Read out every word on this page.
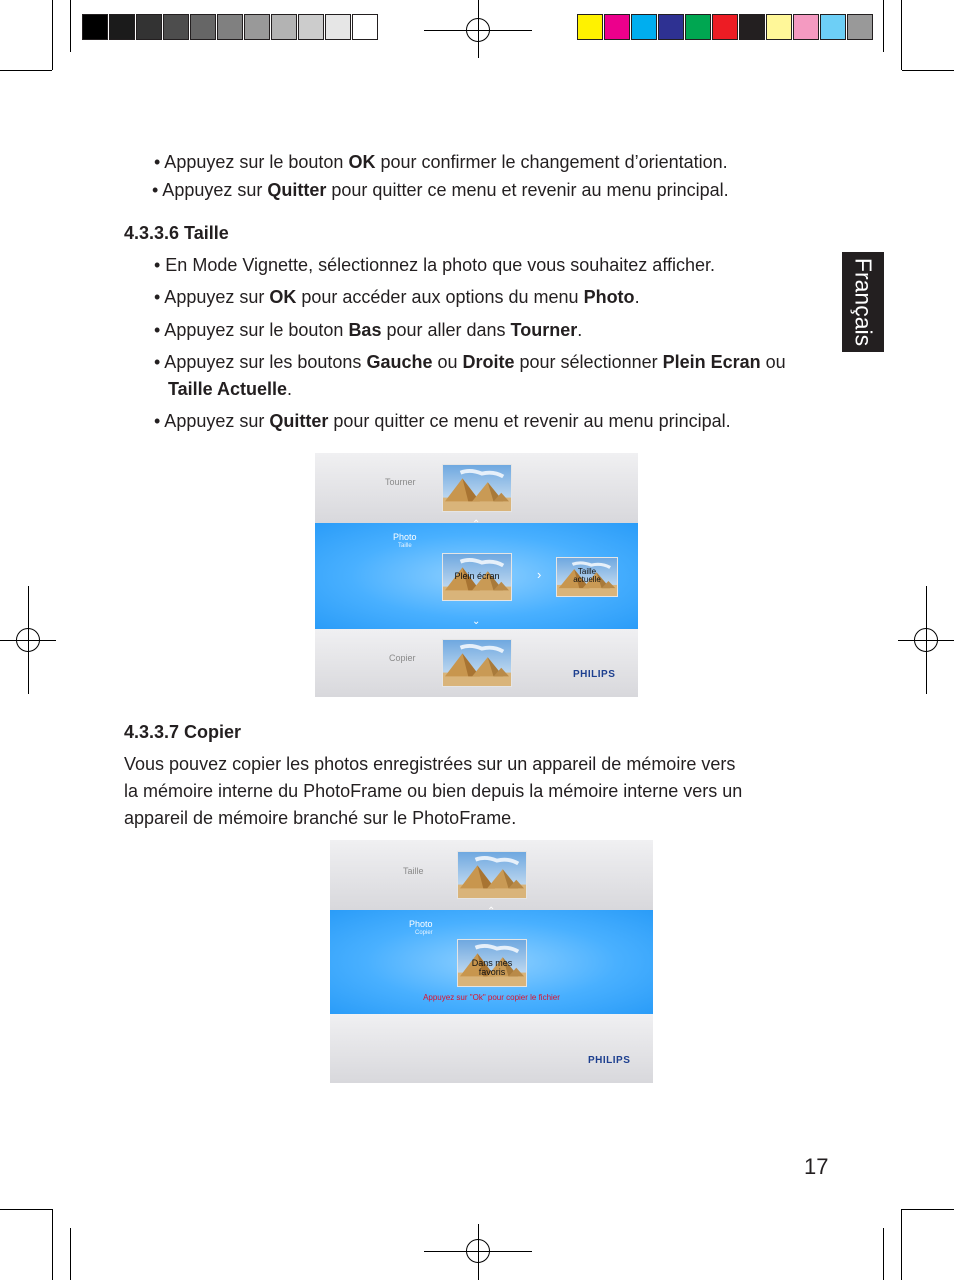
Français
• Appuyez sur le bouton OK pour confirmer le changement d’orientation.
• Appuyez sur Quitter pour quitter ce menu et revenir au menu principal.
4.3.3.6 Taille
• En Mode Vignette, sélectionnez la photo que vous souhaitez afficher.
• Appuyez sur OK pour accéder aux options du menu Photo.
• Appuyez sur le bouton Bas pour aller dans Tourner.
• Appuyez sur les boutons Gauche ou Droite pour sélectionner Plein Ecran ou
Taille Actuelle.
• Appuyez sur Quitter pour quitter ce menu et revenir au menu principal.
Tourner
⌃
Photo
Taille
Plein écran	›	Taille
actuelle
⌄
Copier
PHILIPS
4.3.3.7 Copier
Vous pouvez copier les photos enregistrées sur un appareil de mémoire vers
la mémoire interne du PhotoFrame ou bien depuis la mémoire interne vers un
appareil de mémoire branché sur le PhotoFrame.
Taille
⌃
Photo
Copier
Dans mes favoris
Appuyez sur "Ok" pour copier le fichier
PHILIPS
17
